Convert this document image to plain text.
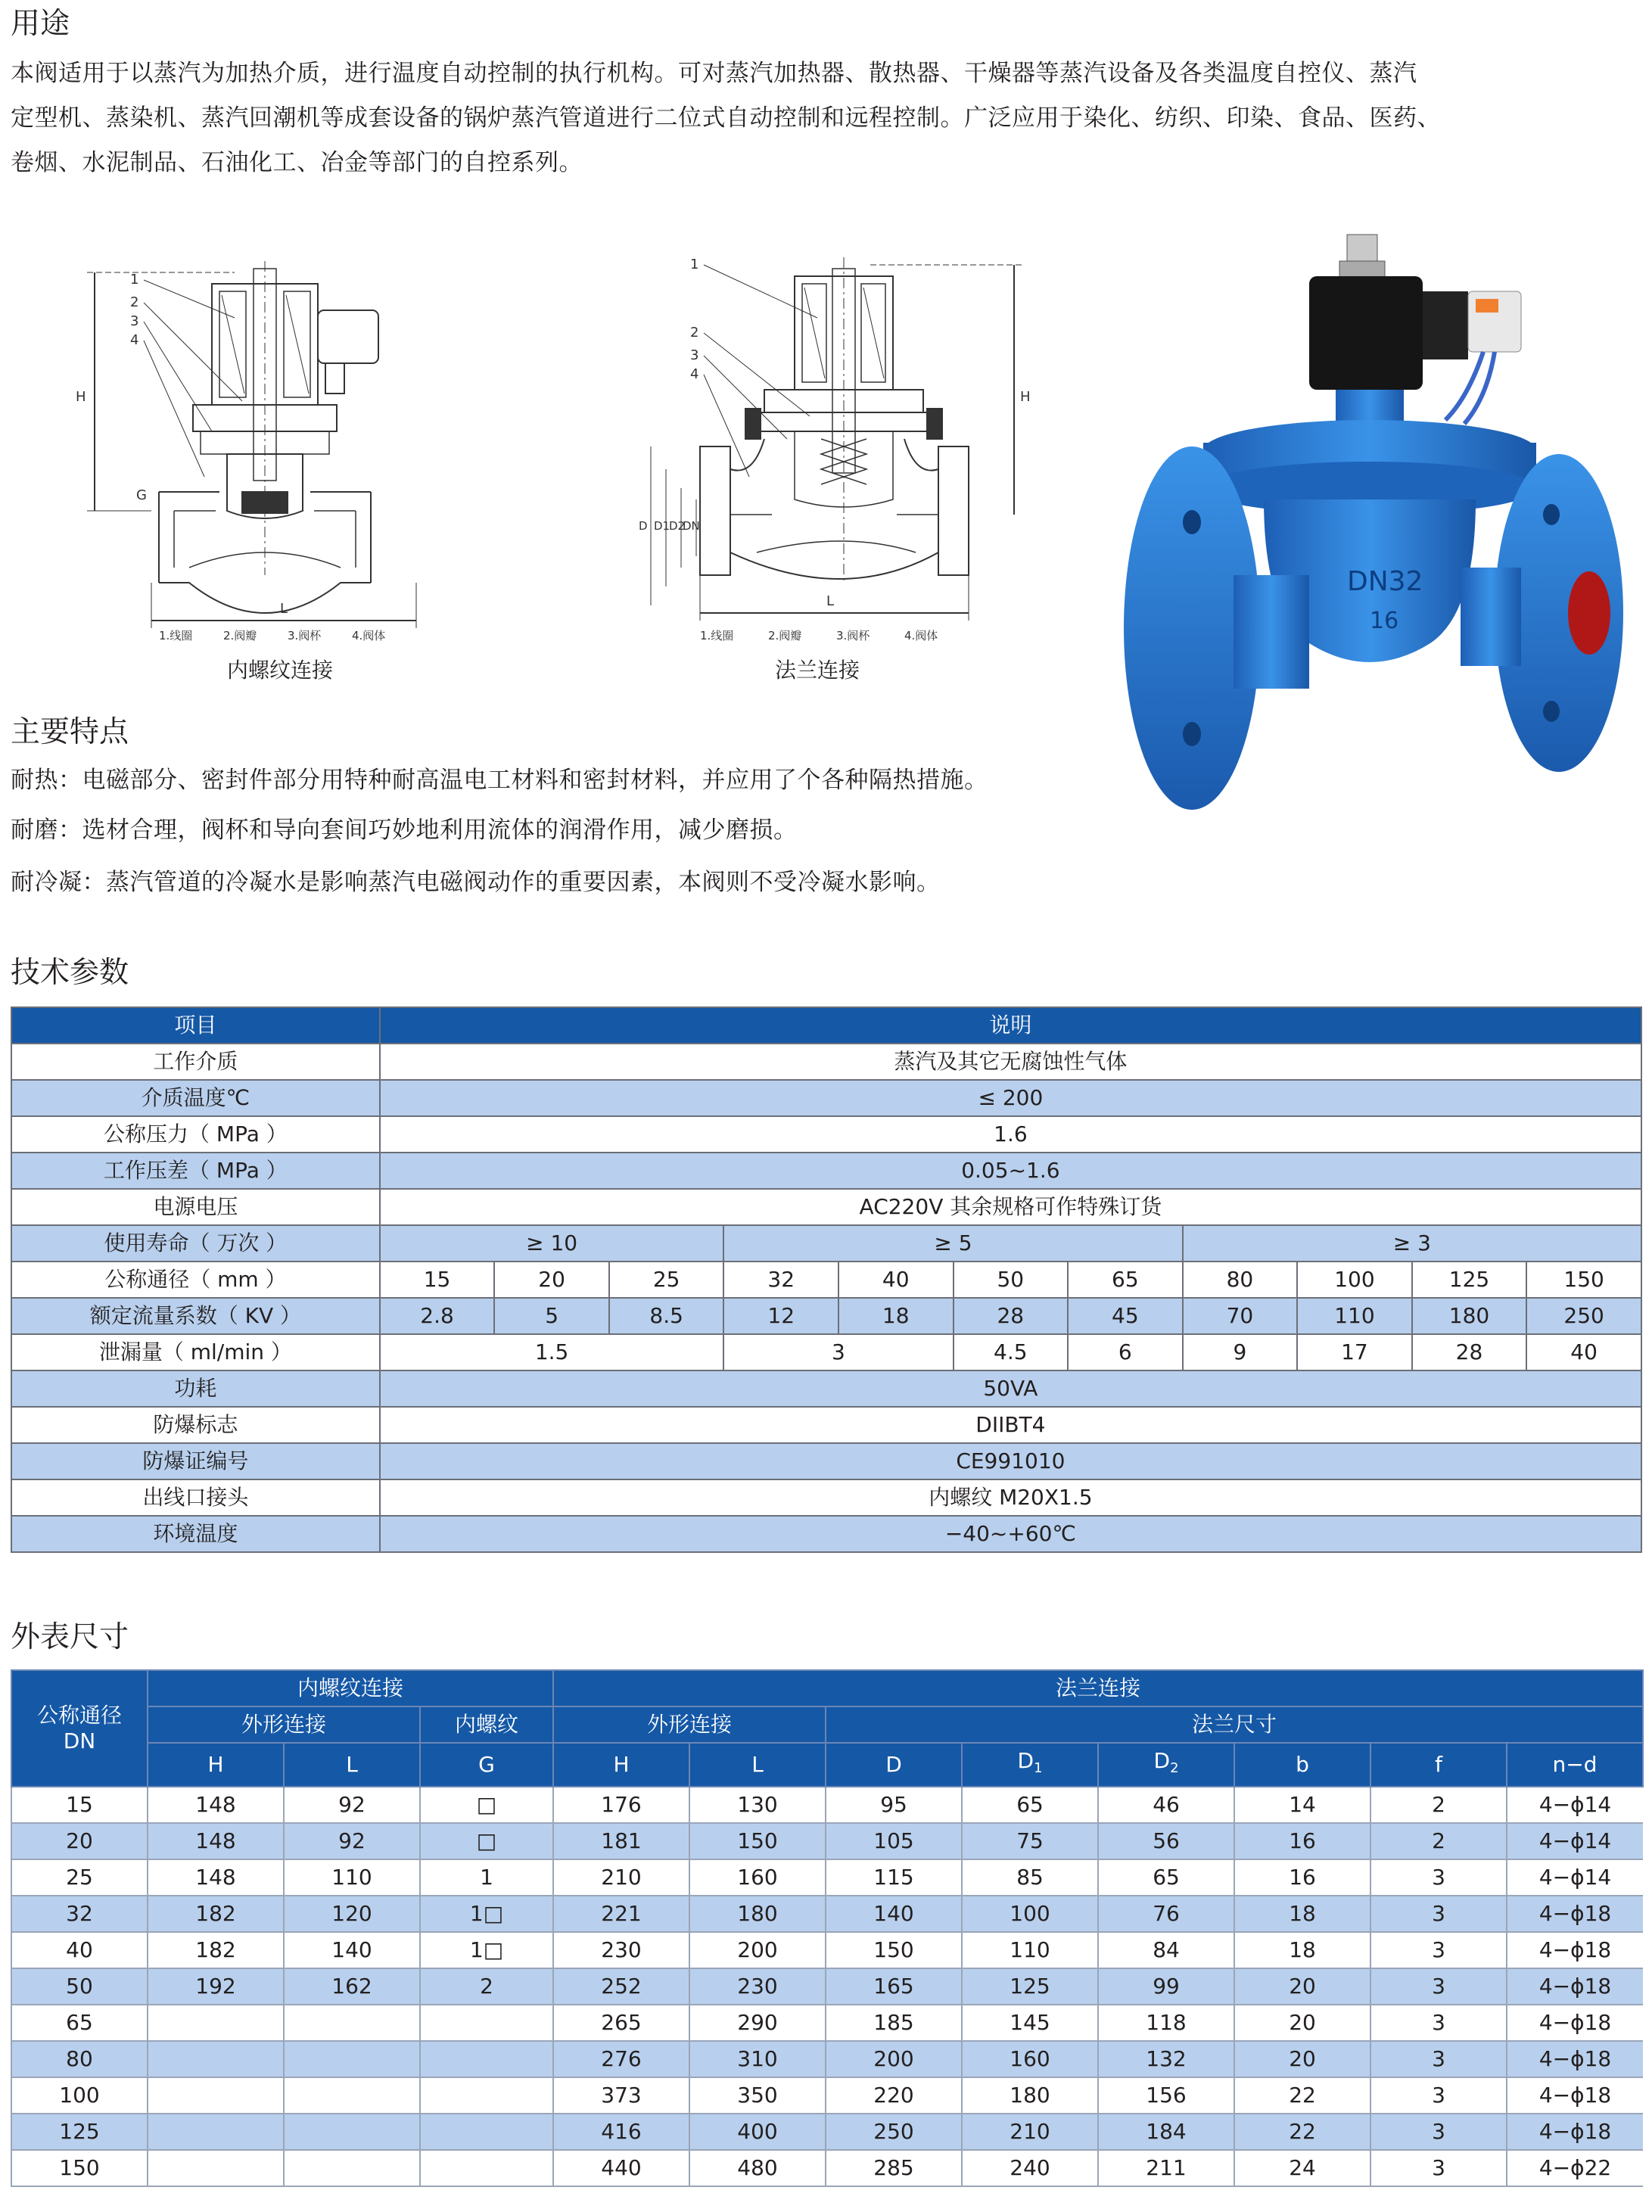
用途

本阀适用于以蒸汽为加热介质，进行温度自动控制的执行机构。可对蒸汽加热器、散热器、干燥器等蒸汽设备及各类温度自控仪、蒸汽

定型机、蒸染机、蒸汽回潮机等成套设备的锅炉蒸汽管道进行二位式自动控制和远程控制。广泛应用于染化、纺织、印染、食品、医药、

卷烟、水泥制品、石油化工、冶金等部门的自控系列。

1
2
3
4
H
G
L
1.线圈	2.阀瓣	3.阀杯	4.阀体
内螺纹连接
1
2
3
4
H
D D1
D2
DN
L
1.线圈	2.阀瓣	3.阀杯	4.阀体
法兰连接
DN32
16
主要特点

耐热：电磁部分、密封件部分用特种耐高温电工材料和密封材料，并应用了个各种隔热措施。

耐磨：选材合理，阀杯和导向套间巧妙地利用流体的润滑作用，减少磨损。

耐冷凝：蒸汽管道的冷凝水是影响蒸汽电磁阀动作的重要因素，本阀则不受冷凝水影响。

技术参数
项目	说明										
工作介质	蒸汽及其它无腐蚀性气体										
介质温度℃	≤ 200										
公称压力（ MPa ）	1.6										
工作压差（ MPa ）	0.05~1.6										
电源电压	AC220V 其余规格可作特殊订货										
使用寿命（ 万次 ）	≥ 10			≥ 5				≥ 3			
公称通径（ mm ）	15	20	25	32	40	50	65	80	100	125	150
额定流量系数（ KV ）	2.8	5	8.5	12	18	28	45	70	110	180	250
泄漏量（ ml/min ）	1.5			3		4.5	6	9	17	28	40
功耗	50VA										
防爆标志	DIIBT4										
防爆证编号	CE991010										
出线口接头	内螺纹 M20X1.5										
环境温度	−40~+60℃										
外表尺寸
公称通径
DN	内螺纹连接			法兰连接							
	外形连接		内螺纹	外形连接		法兰尺寸					
	H	L	G	H	L	D	$D_1$	$D_2$	b	f	n−d
15	148	92	□	176	130	95	65	46	14	2	4−ϕ14
20	148	92	□	181	150	105	75	56	16	2	4−ϕ14
25	148	110	1	210	160	115	85	65	16	3	4−ϕ14
32	182	120	1□	221	180	140	100	76	18	3	4−ϕ18
40	182	140	1□	230	200	150	110	84	18	3	4−ϕ18
50	192	162	2	252	230	165	125	99	20	3	4−ϕ18
65				265	290	185	145	118	20	3	4−ϕ18
80				276	310	200	160	132	20	3	4−ϕ18
100				373	350	220	180	156	22	3	4−ϕ18
125				416	400	250	210	184	22	3	4−ϕ18
150				440	480	285	240	211	24	3	4−ϕ22
